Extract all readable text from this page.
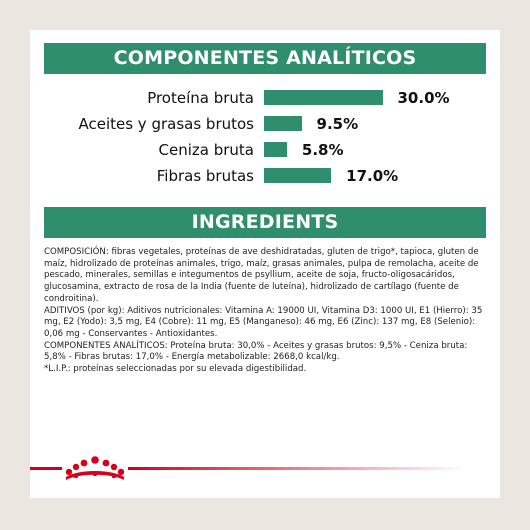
COMPONENTES ANALÍTICOS
Proteína bruta	30.0%
Aceites y grasas brutos	9.5%
Ceniza bruta	5.8%
Fibras brutas	17.0%
INGREDIENTS

COMPOSICIÓN: fibras vegetales, proteínas de ave deshidratadas, gluten de trigo*, tapioca, gluten de maíz, hidrolizado de proteínas animales, trigo, maíz, grasas animales, pulpa de remolacha, aceite de pescado, minerales, semillas e integumentos de psyllium, aceite de soja, fructo-oligosacáridos, glucosamina, extracto de rosa de la India (fuente de luteína), hidrolizado de cartílago (fuente de condroitina).

ADITIVOS (por kg): Aditivos nutricionales: Vitamina A: 19000 UI, Vitamina D3: 1000 UI, E1 (Hierro): 35 mg, E2 (Yodo): 3,5 mg, E4 (Cobre): 11 mg, E5 (Manganeso): 46 mg, E6 (Zinc): 137 mg, E8 (Selenio): 0,06 mg - Conservantes - Antioxidantes.

COMPONENTES ANALÍTICOS: Proteína bruta: 30,0% - Aceites y grasas brutos: 9,5% - Ceniza bruta: 5,8% - Fibras brutas: 17,0% - Energía metabolizable: 2668,0 kcal/kg.

*L.I.P.: proteínas seleccionadas por su elevada digestibilidad.
